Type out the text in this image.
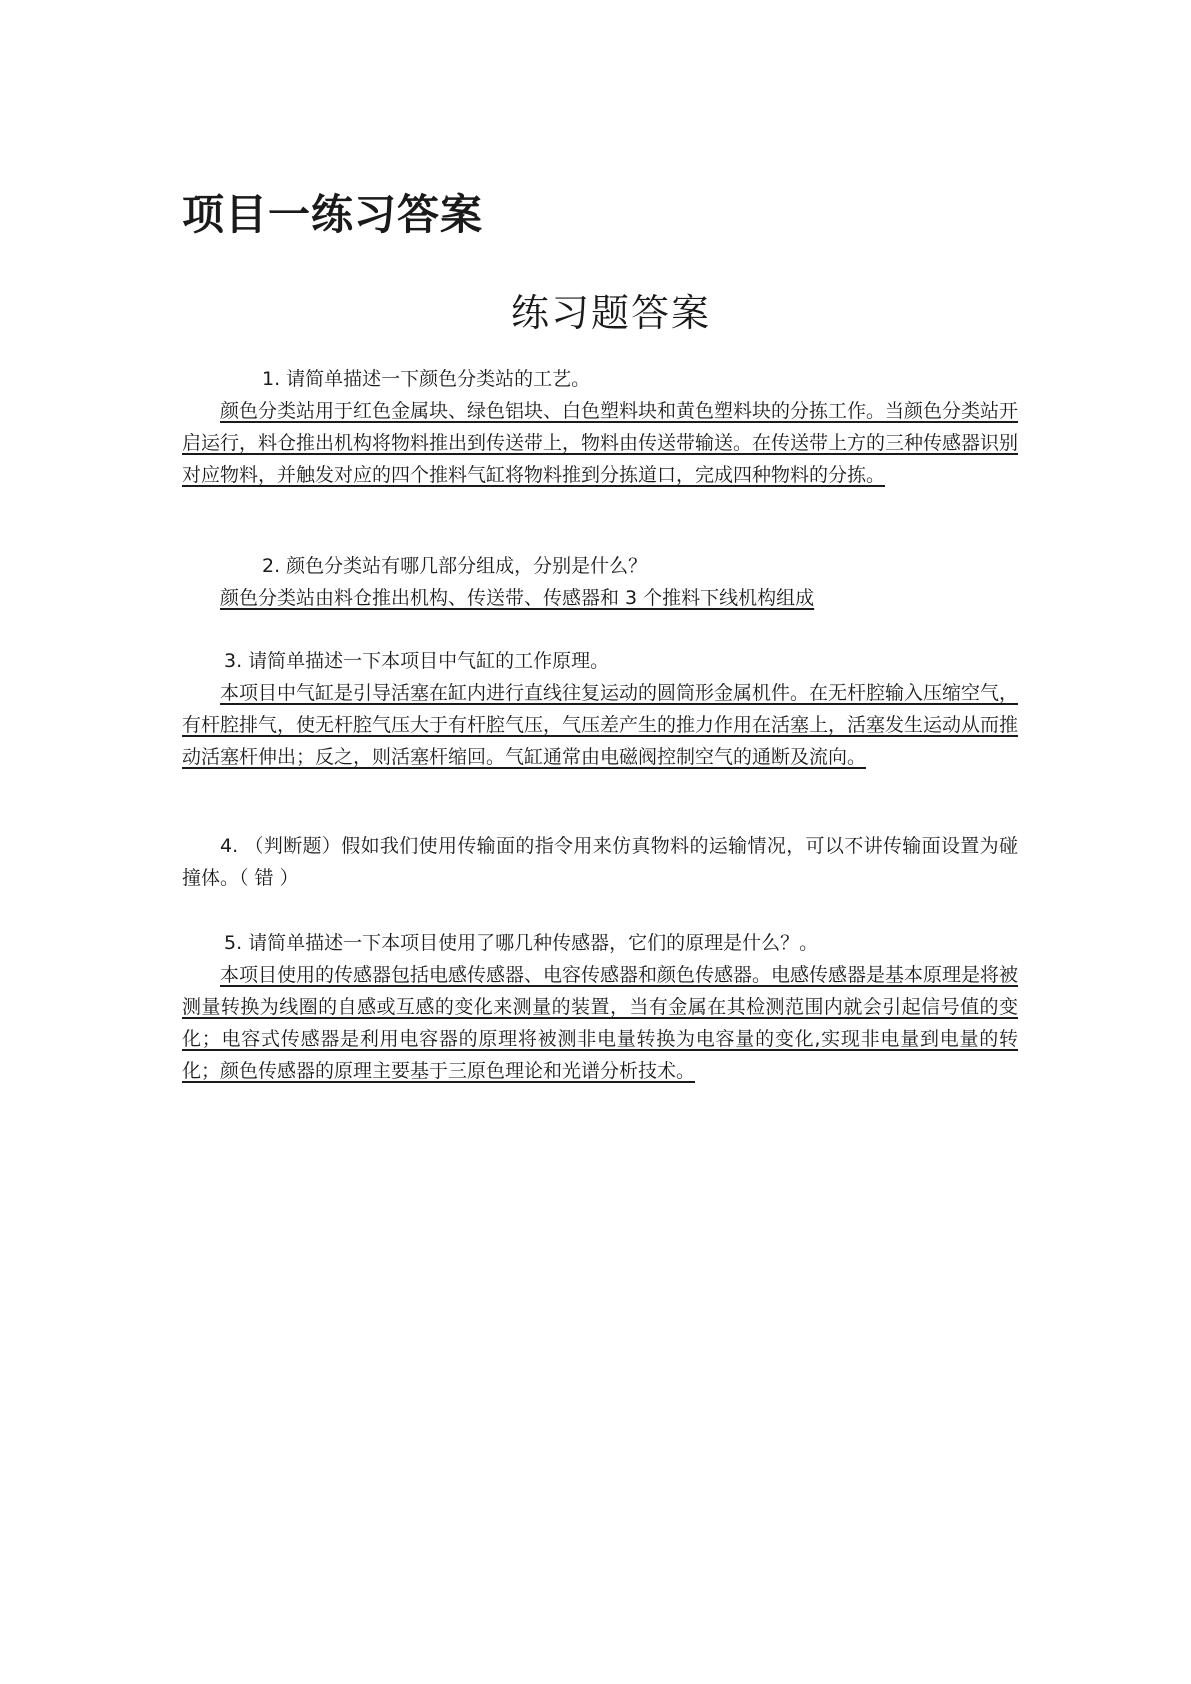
项目一练习答案
练习题答案

1. 请简单描述一下颜色分类站的工艺。

颜色分类站用于红色金属块、绿色铝块、白色塑料块和黄色塑料块的分拣工作。当颜色分类站开启运行，料仓推出机构将物料推出到传送带上，物料由传送带输送。在传送带上方的三种传感器识别对应物料，并触发对应的四个推料气缸将物料推到分拣道口，完成四种物料的分拣。

2. 颜色分类站有哪几部分组成，分别是什么？

颜色分类站由料仓推出机构、传送带、传感器和 3 个推料下线机构组成

3. 请简单描述一下本项目中气缸的工作原理。

本项目中气缸是引导活塞在缸内进行直线往复运动的圆筒形金属机件。在无杆腔输入压缩空气，有杆腔排气，使无杆腔气压大于有杆腔气压，气压差产生的推力作用在活塞上，活塞发生运动从而推动活塞杆伸出；反之，则活塞杆缩回。气缸通常由电磁阀控制空气的通断及流向。

4. （判断题）假如我们使用传输面的指令用来仿真物料的运输情况，可以不讲传输面设置为碰撞体。（ 错 ）

5. 请简单描述一下本项目使用了哪几种传感器，它们的原理是什么？。

本项目使用的传感器包括电感传感器、电容传感器和颜色传感器。电感传感器是基本原理是将被测量转换为线圈的自感或互感的变化来测量的装置，当有金属在其检测范围内就会引起信号值的变化；电容式传感器是利用电容器的原理将被测非电量转换为电容量的变化,实现非电量到电量的转化；颜色传感器的原理主要基于三原色理论和光谱分析技术。
